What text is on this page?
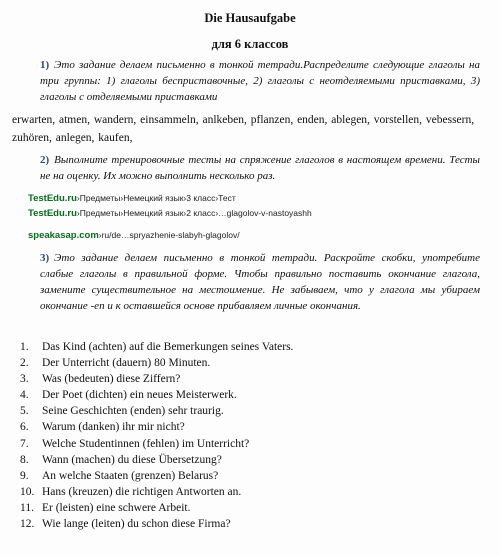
Die Hausaufgabe
для 6 классов
1) Это задание делаем письменно в тонкой тетради.Распределите следующие глаголы на три группы: 1) глаголы бесприставочные, 2) глаголы с неотделяемыми приставками, 3) глаголы с отделяемыми приставками
erwarten, atmen, wandern, einsammeln, anlkeben, pflanzen, enden, ablegen, vorstellen, vebessern, zuhören, anlegen, kaufen,
2) Выполните тренировочные тесты на спряжение глаголов в настоящем времени. Тесты не на оценку. Их можно выполнить несколько раз.
TestEdu.ru›Предметы›Немецкий язык›3 класс›Тест
TestEdu.ru›Предметы›Немецкий язык›2 класс›…glagolov-v-nastoyashh
speakasap.com›ru/de…spryazhenie-slabyh-glagolov/
3) Это задание делаем письменно в тонкой тетради. Раскройте скобки, употребите слабые глаголы в правильной форме. Чтобы правильно поставить окончание глагола, замените существительное на местоимение. Не забываем, что у глагола мы убираем окончание -en и к оставшейся основе прибавляем личные окончания.
1. Das Kind (achten) auf die Bemerkungen seines Vaters.
2. Der Unterricht (dauern) 80 Minuten.
3. Was (bedeuten) diese Ziffern?
4. Der Poet (dichten) ein neues Meisterwerk.
5. Seine Geschichten (enden) sehr traurig.
6. Warum (danken) ihr mir nicht?
7. Welche Studentinnen (fehlen) im Unterricht?
8. Wann (machen) du diese Übersetzung?
9. An welche Staaten (grenzen) Belarus?
10. Hans (kreuzen) die richtigen Antworten an.
11. Er (leisten) eine schwere Arbeit.
12. Wie lange (leiten) du schon diese Firma?
